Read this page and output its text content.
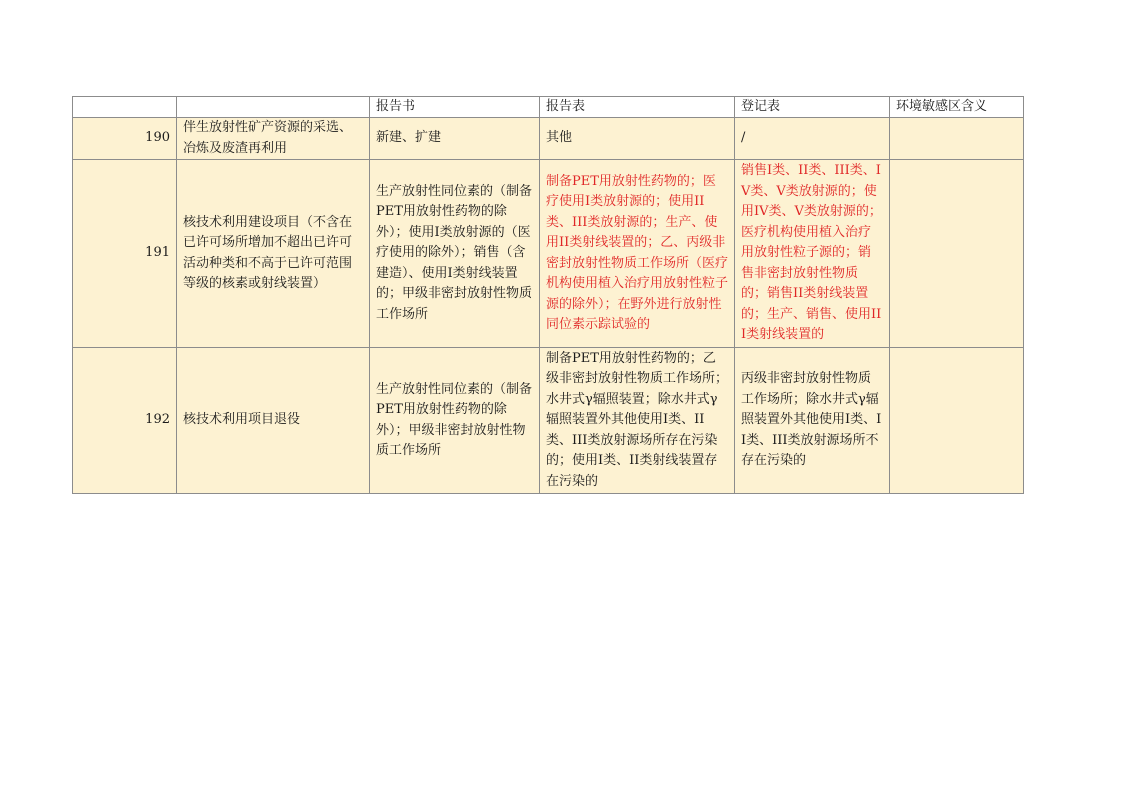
		报告书	报告表	登记表	环境敏感区含义
190	伴生放射性矿产资源的采选、冶炼及废渣再利用	新建、扩建	其他	/	
191	核技术利用建设项目（不含在已许可场所增加不超出已许可活动种类和不高于已许可范围等级的核素或射线装置）	生产放射性同位素的（制备PET用放射性药物的除外）；使用I类放射源的（医疗使用的除外）；销售（含建造）、使用I类射线装置的；甲级非密封放射性物质工作场所	制备PET用放射性药物的；医疗使用I类放射源的；使用II类、III类放射源的；生产、使用II类射线装置的；乙、丙级非密封放射性物质工作场所（医疗机构使用植入治疗用放射性粒子源的除外）；在野外进行放射性同位素示踪试验的	销售I类、II类、III类、IV类、V类放射源的；使用IV类、V类放射源的；医疗机构使用植入治疗用放射性粒子源的；销售非密封放射性物质的；销售II类射线装置的；生产、销售、使用III类射线装置的	
192	核技术利用项目退役	生产放射性同位素的（制备PET用放射性药物的除外）；甲级非密封放射性物质工作场所	制备PET用放射性药物的；乙级非密封放射性物质工作场所；水井式γ辐照装置；除水井式γ辐照装置外其他使用I类、II类、III类放射源场所存在污染的；使用I类、II类射线装置存在污染的	丙级非密封放射性物质工作场所；除水井式γ辐照装置外其他使用I类、II类、III类放射源场所不存在污染的	
